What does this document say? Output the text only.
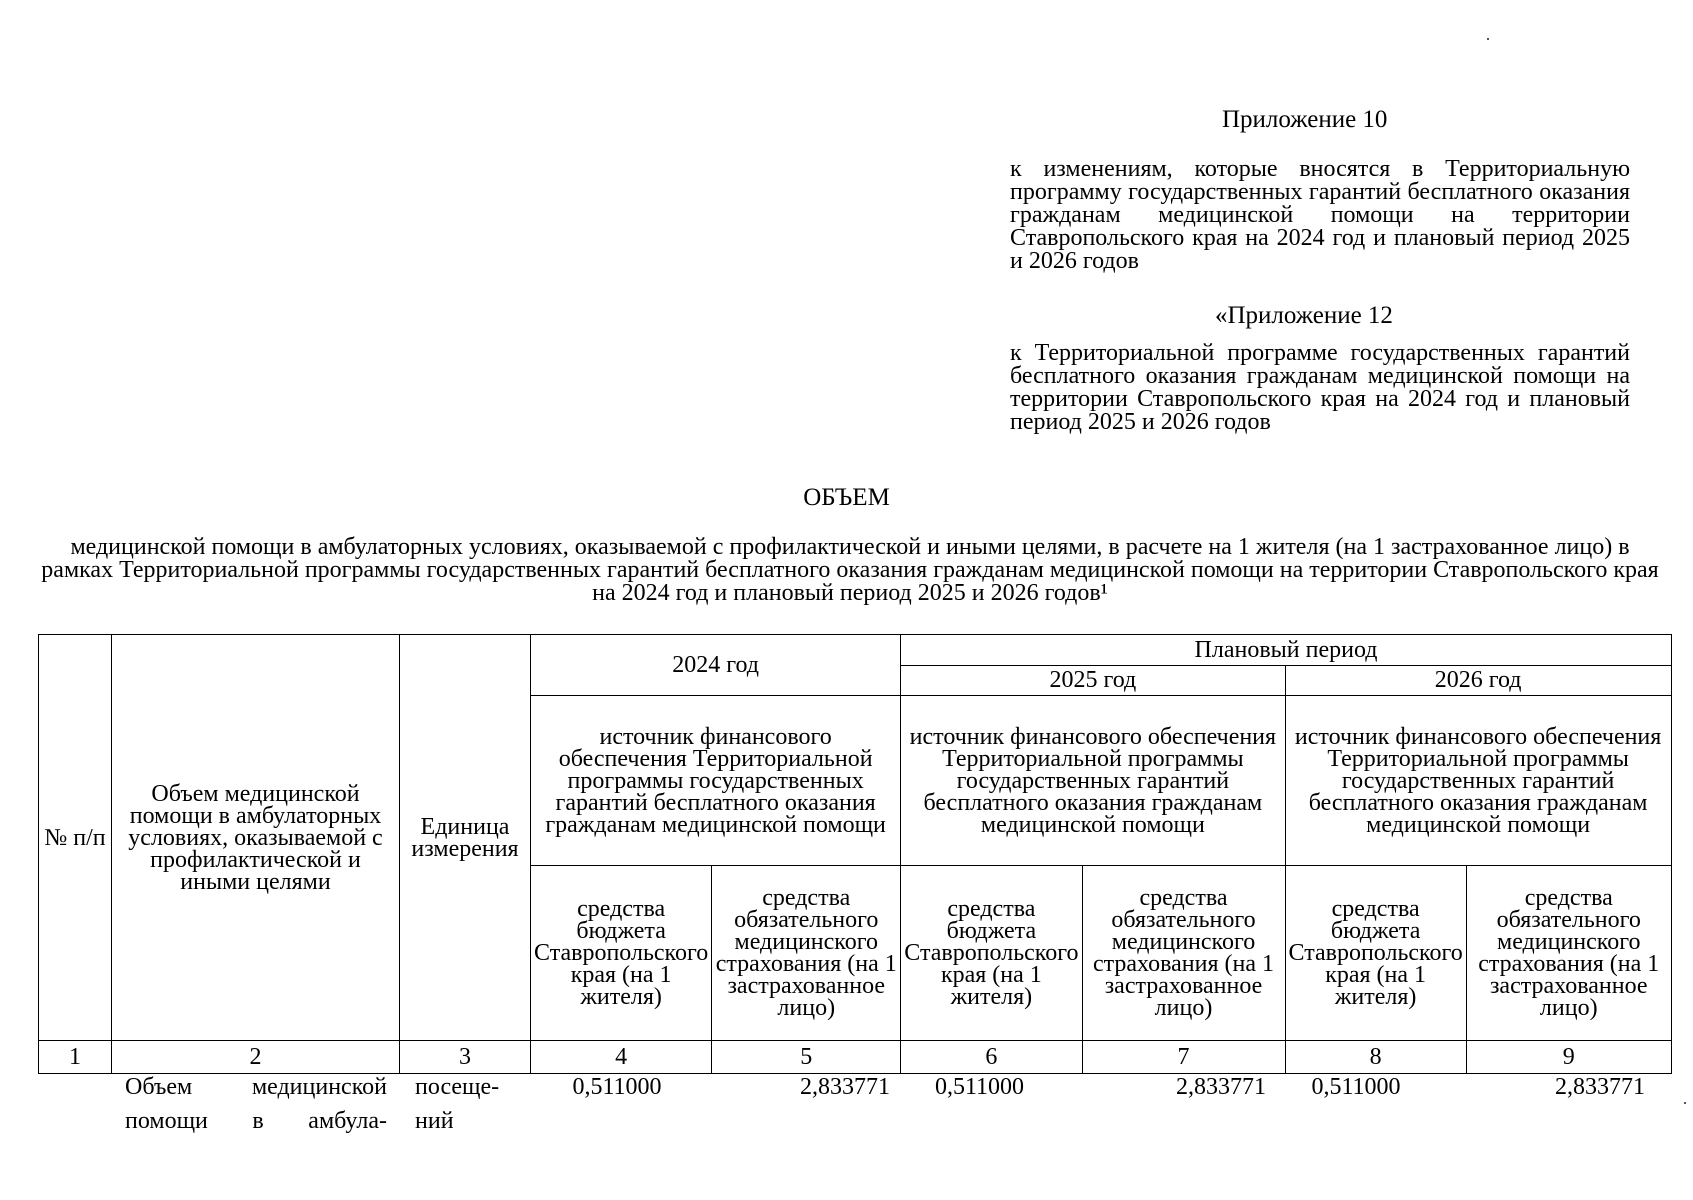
Приложение 10
к изменениям, которые вносятся в Территориальную программу государственных гарантий бесплатного оказания гражданам медицинской помощи на территории Ставропольского края на 2024 год и плановый период 2025 и 2026 годов
«Приложение 12
к Территориальной программе государственных гарантий бесплатного оказания гражданам медицинской помощи на территории Ставропольского края на 2024 год и плановый период 2025 и 2026 годов
ОБЪЕМ
медицинской помощи в амбулаторных условиях, оказываемой с профилактической и иными целями, в расчете на 1 жителя (на 1 застрахованное лицо) в рамках Территориальной программы государственных гарантий бесплатного оказания гражданам медицинской помощи на территории Ставропольского края на 2024 год и плановый период 2025 и 2026 годов¹
№ п/п	Объем медицинской помощи в амбулаторных условиях, оказываемой с профилактической и иными целями	Единица измерения	2024 год		Плановый период			
					2025 год		2026 год	
			источник финансового обеспечения Территориальной программы государственных гарантий бесплатного оказания гражданам медицинской помощи		источник финансового обеспечения Территориальной программы государственных гарантий бесплатного оказания гражданам медицинской помощи		источник финансового обеспечения Территориальной программы государственных гарантий бесплатного оказания гражданам медицинской помощи	
			средства бюджета Ставропольского края (на 1 жителя)	средства обязательного медицинского страхования (на 1 застрахованное лицо)	средства бюджета Ставропольского края (на 1 жителя)	средства обязательного медицинского страхования (на 1 застрахованное лицо)	средства бюджета Ставропольского края (на 1 жителя)	средства обязательного медицинского страхования (на 1 застрахованное лицо)
1	2	3	4	5	6	7	8	9
	Объем медицинской помощи в амбула-	посеще-ний	0,511000	2,833771	0,511000	2,833771	0,511000	2,833771
